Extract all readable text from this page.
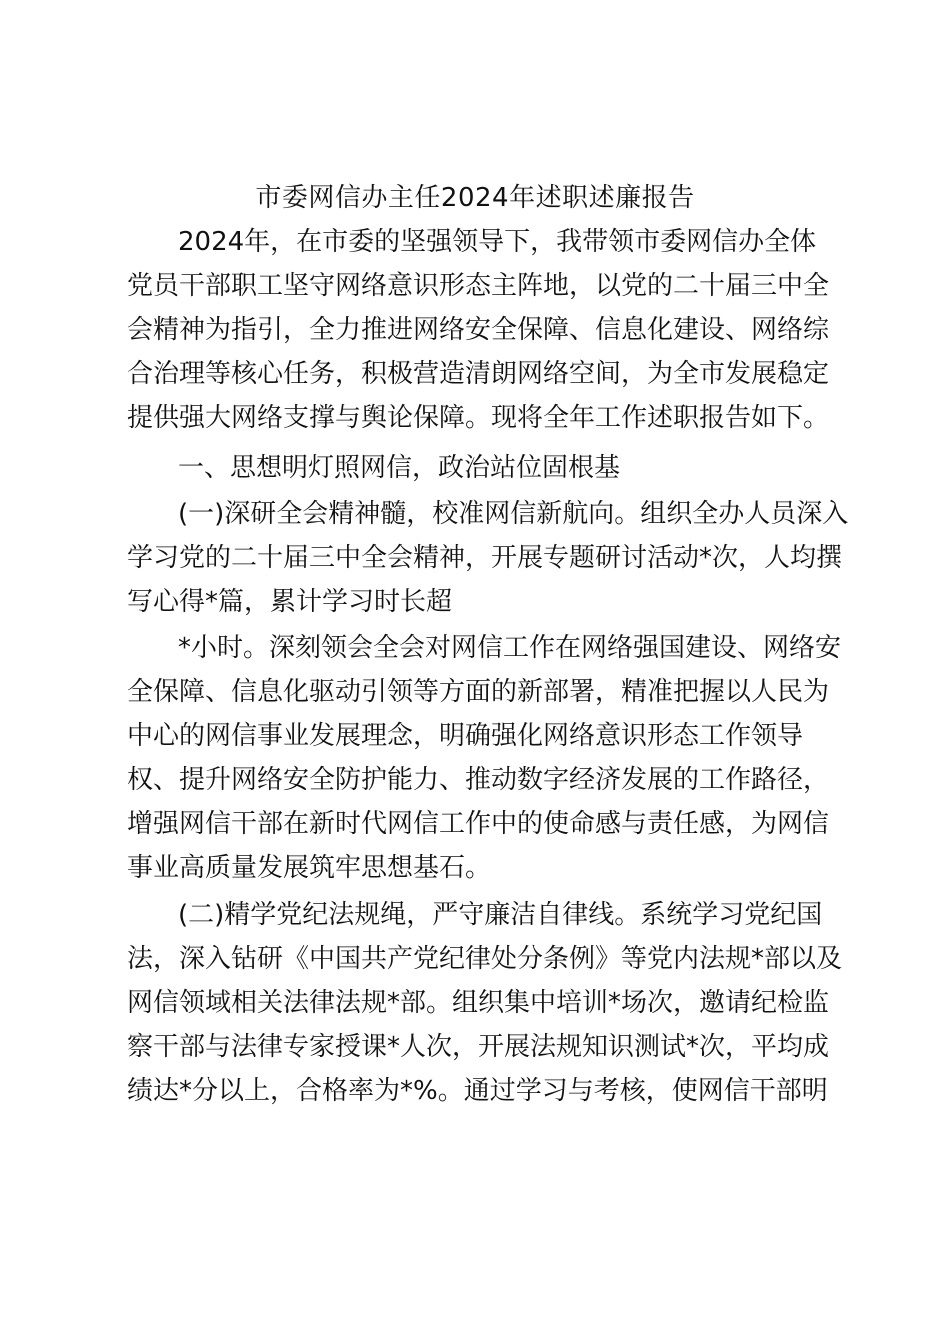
市委网信办主任2024年述职述廉报告

2024年，在市委的坚强领导下，我带领市委网信办全体

党员干部职工坚守网络意识形态主阵地，以党的二十届三中全

会精神为指引，全力推进网络安全保障、信息化建设、网络综

合治理等核心任务，积极营造清朗网络空间，为全市发展稳定

提供强大网络支撑与舆论保障。现将全年工作述职报告如下。

一、思想明灯照网信，政治站位固根基

(一)深研全会精神髓，校准网信新航向。组织全办人员深入

学习党的二十届三中全会精神，开展专题研讨活动*次，人均撰

写心得*篇，累计学习时长超

*小时。深刻领会全会对网信工作在网络强国建设、网络安

全保障、信息化驱动引领等方面的新部署，精准把握以人民为

中心的网信事业发展理念，明确强化网络意识形态工作领导

权、提升网络安全防护能力、推动数字经济发展的工作路径，

增强网信干部在新时代网信工作中的使命感与责任感，为网信

事业高质量发展筑牢思想基石。

(二)精学党纪法规绳，严守廉洁自律线。系统学习党纪国

法，深入钻研《中国共产党纪律处分条例》等党内法规*部以及

网信领域相关法律法规*部。组织集中培训*场次，邀请纪检监

察干部与法律专家授课*人次，开展法规知识测试*次，平均成

绩达*分以上，合格率为*%。通过学习与考核，使网信干部明
